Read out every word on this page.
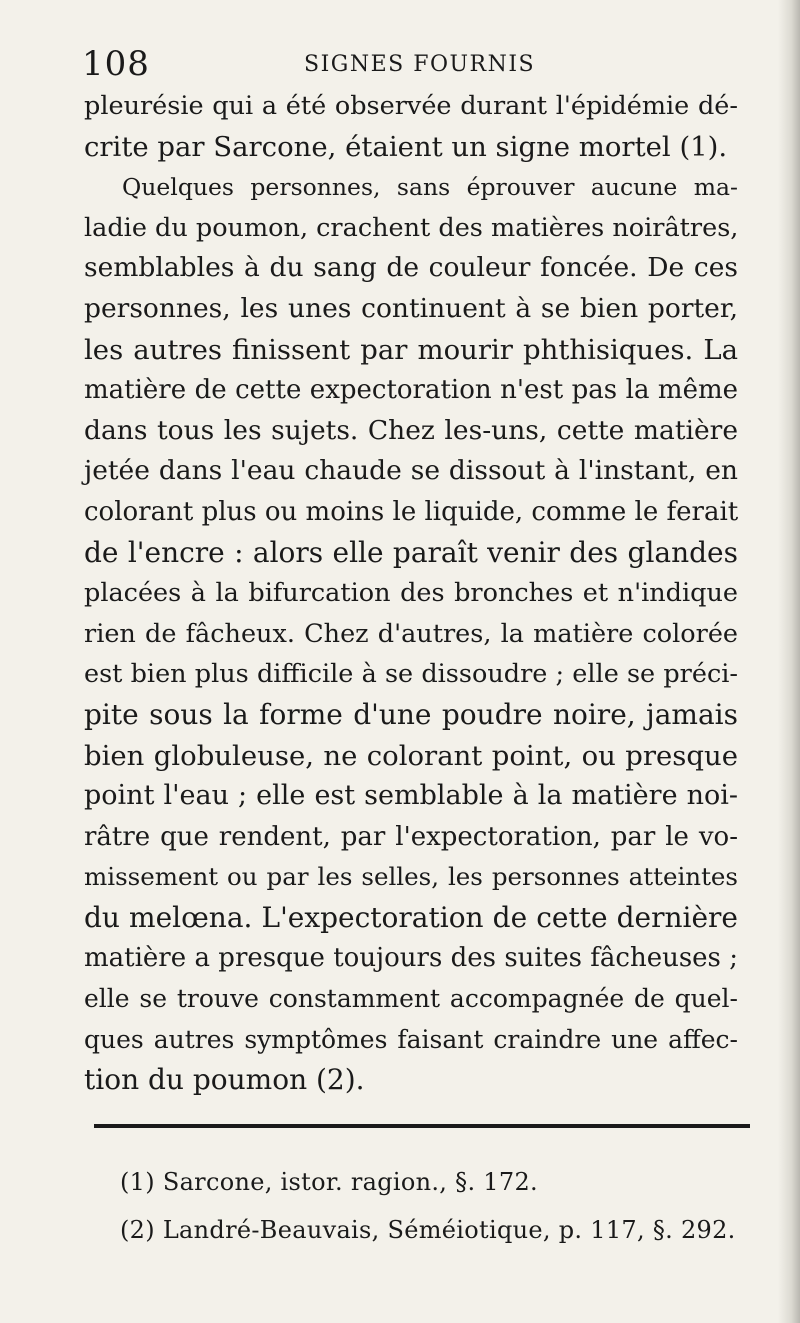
108	SIGNES FOURNIS
pleurésie qui a été observée durant l'épidémie dé-
crite par Sarcone, étaient un signe mortel (1).
Quelques personnes, sans éprouver aucune ma-
ladie du poumon, crachent des matières noirâtres,
semblables à du sang de couleur foncée. De ces
personnes, les unes continuent à se bien porter,
les autres finissent par mourir phthisiques. La
matière de cette expectoration n'est pas la même
dans tous les sujets. Chez les-uns, cette matière
jetée dans l'eau chaude se dissout à l'instant, en
colorant plus ou moins le liquide, comme le ferait
de l'encre : alors elle paraît venir des glandes
placées à la bifurcation des bronches et n'indique
rien de fâcheux. Chez d'autres, la matière colorée
est bien plus difficile à se dissoudre ; elle se préci-
pite sous la forme d'une poudre noire, jamais
bien globuleuse, ne colorant point, ou presque
point l'eau ; elle est semblable à la matière noi-
râtre que rendent, par l'expectoration, par le vo-
missement ou par les selles, les personnes atteintes
du melœna. L'expectoration de cette dernière
matière a presque toujours des suites fâcheuses ;
elle se trouve constamment accompagnée de quel-
ques autres symptômes faisant craindre une affec-
tion du poumon (2).
(1) Sarcone, istor. ragion., §. 172.
(2) Landré-Beauvais, Séméiotique, p. 117, §. 292.
